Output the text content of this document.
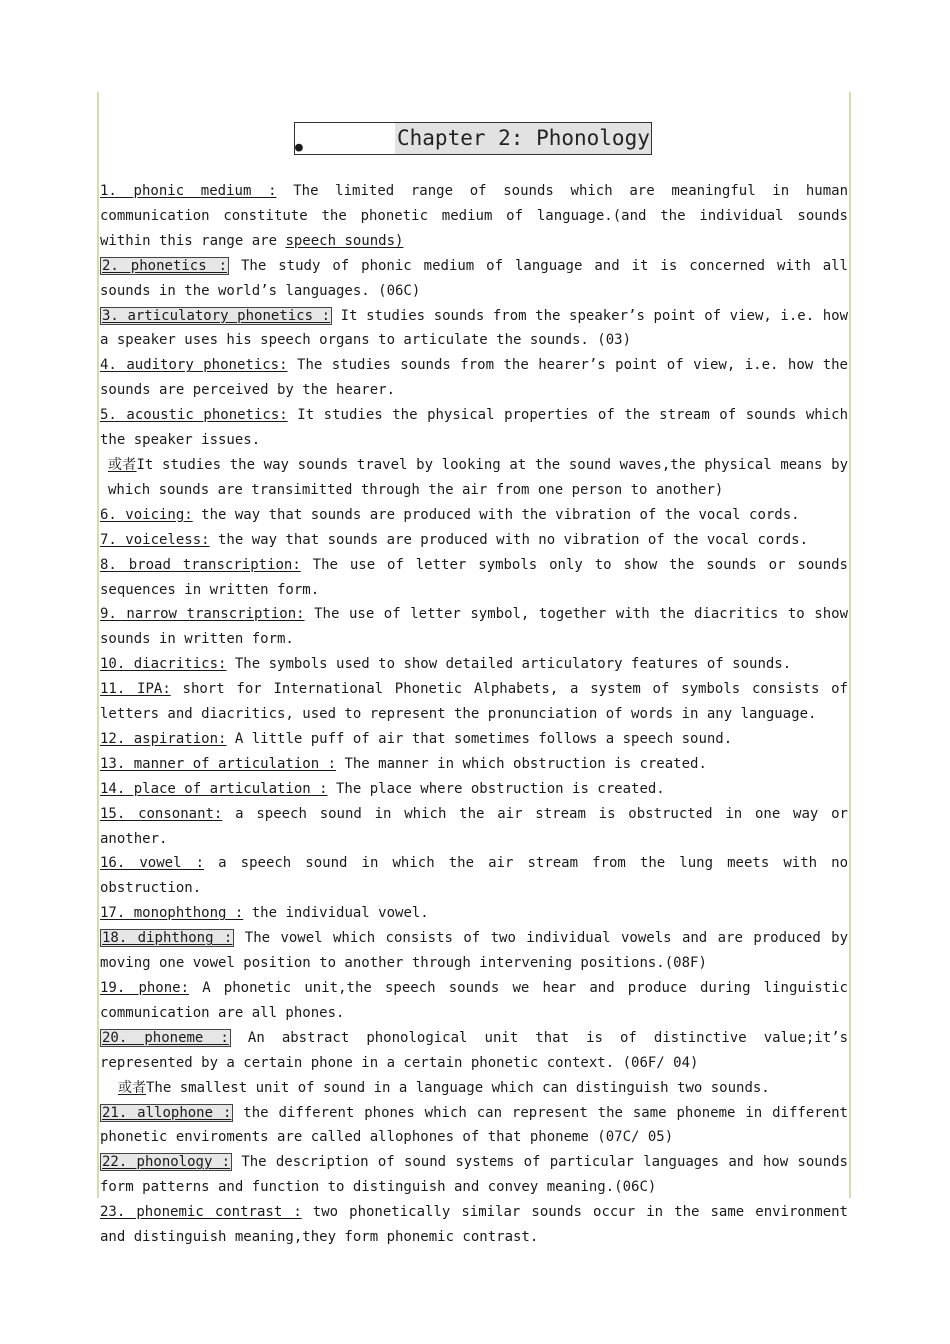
●	Chapter 2: Phonology
1. phonic medium : The limited range of sounds which are meaningful in human communication constitute the phonetic medium of language.(and the individual sounds within this range are speech sounds)
2. phonetics : The study of phonic medium of language and it is concerned with all sounds in the world’s languages. (06C)
3. articulatory phonetics : It studies sounds from the speaker’s point of view, i.e. how a speaker uses his speech organs to articulate the sounds. (03)
4. auditory phonetics: The studies sounds from the hearer’s point of view, i.e. how the sounds are perceived by the hearer.
5. acoustic phonetics: It studies the physical properties of the stream of sounds which the speaker issues.
或者It studies the way sounds travel by looking at the sound waves,the physical means by which sounds are transimitted through the air from one person to another)
6. voicing: the way that sounds are produced with the vibration of the vocal cords.
7. voiceless: the way that sounds are produced with no vibration of the vocal cords.
8. broad transcription: The use of letter symbols only to show the sounds or sounds sequences in written form.
9. narrow transcription: The use of letter symbol, together with the diacritics to show sounds in written form.
10. diacritics: The symbols used to show detailed articulatory features of sounds.
11. IPA: short for International Phonetic Alphabets, a system of symbols consists of letters and diacritics, used to represent the pronunciation of words in any language.
12. aspiration: A little puff of air that sometimes follows a speech sound.
13. manner of articulation : The manner in which obstruction is created.
14. place of articulation : The place where obstruction is created.
15. consonant: a speech sound in which the air stream is obstructed in one way or another.
16. vowel : a speech sound in which the air stream from the lung meets with no obstruction.
17. monophthong : the individual vowel.
18. diphthong : The vowel which consists of two individual vowels and are produced by moving one vowel position to another through intervening positions.(08F)
19. phone: A phonetic unit,the speech sounds we hear and produce during linguistic communication are all phones.
20. phoneme : An abstract phonological unit that is of distinctive value;it’s represented by a certain phone in a certain phonetic context. (06F/ 04)
或者The smallest unit of sound in a language which can distinguish two sounds.
21. allophone : the different phones which can represent the same phoneme in different phonetic enviroments are called allophones of that phoneme (07C/ 05)
22. phonology : The description of sound systems of particular languages and how sounds form patterns and function to distinguish and convey meaning.(06C)
23. phonemic contrast : two phonetically similar sounds occur in the same environment and distinguish meaning,they form phonemic contrast.
